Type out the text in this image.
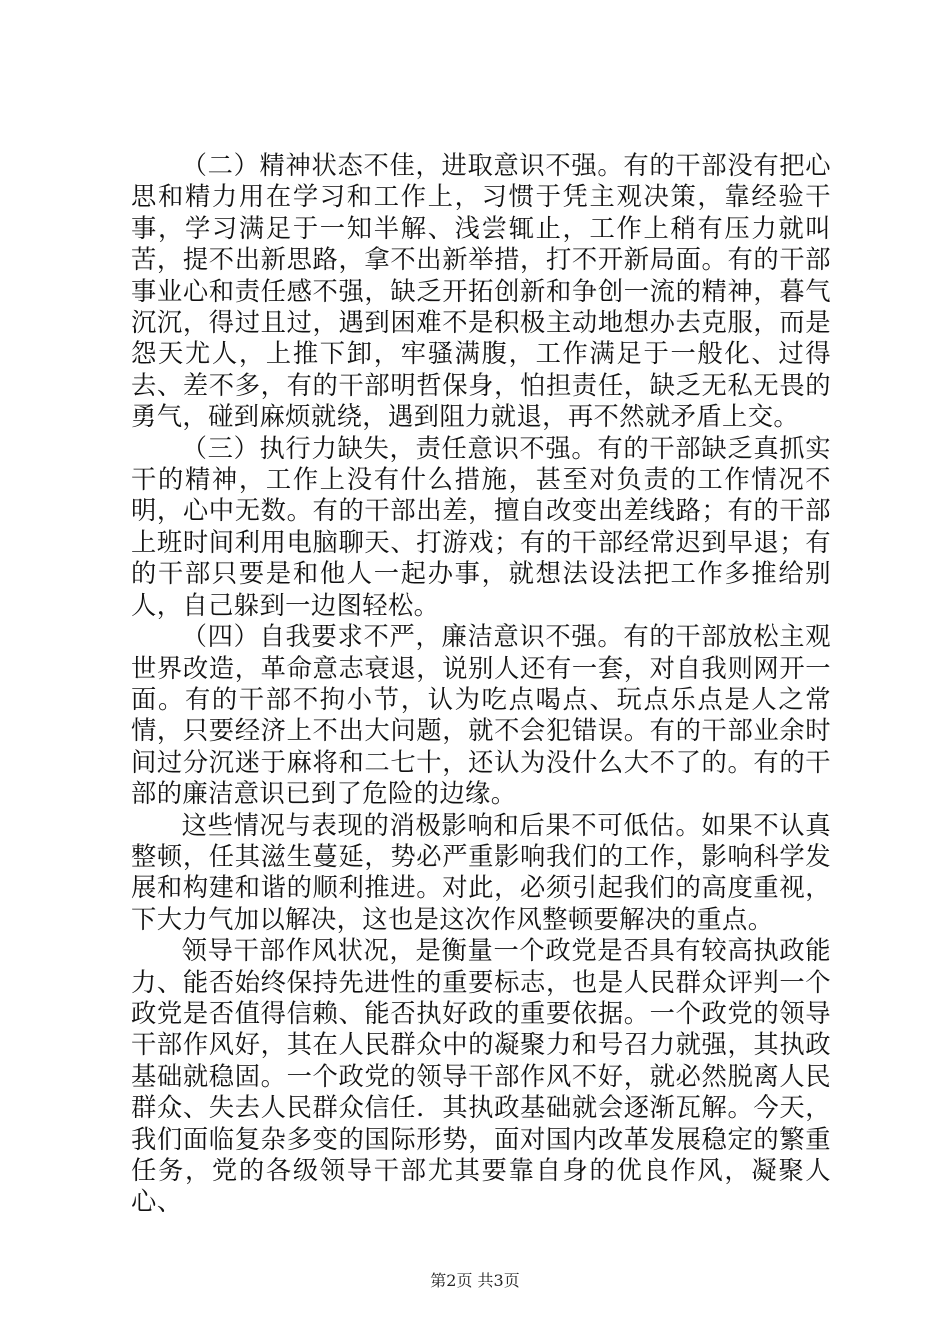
（二）精神状态不佳，进取意识不强。有的干部没有把心思和精力用在学习和工作上，习惯于凭主观决策，靠经验干事，学习满足于一知半解、浅尝辄止，工作上稍有压力就叫苦，提不出新思路，拿不出新举措，打不开新局面。有的干部事业心和责任感不强，缺乏开拓创新和争创一流的精神，暮气沉沉，得过且过，遇到困难不是积极主动地想办去克服，而是怨天尤人，上推下卸，牢骚满腹，工作满足于一般化、过得去、差不多，有的干部明哲保身，怕担责任，缺乏无私无畏的勇气，碰到麻烦就绕，遇到阻力就退，再不然就矛盾上交。

（三）执行力缺失，责任意识不强。有的干部缺乏真抓实干的精神，工作上没有什么措施，甚至对负责的工作情况不明，心中无数。有的干部出差，擅自改变出差线路；有的干部上班时间利用电脑聊天、打游戏；有的干部经常迟到早退；有的干部只要是和他人一起办事，就想法设法把工作多推给别人，自己躲到一边图轻松。

（四）自我要求不严，廉洁意识不强。有的干部放松主观世界改造，革命意志衰退，说别人还有一套，对自我则网开一面。有的干部不拘小节，认为吃点喝点、玩点乐点是人之常情，只要经济上不出大问题，就不会犯错误。有的干部业余时间过分沉迷于麻将和二七十，还认为没什么大不了的。有的干部的廉洁意识已到了危险的边缘。

这些情况与表现的消极影响和后果不可低估。如果不认真整顿，任其滋生蔓延，势必严重影响我们的工作，影响科学发展和构建和谐的顺利推进。对此，必须引起我们的高度重视，下大力气加以解决，这也是这次作风整顿要解决的重点。

领导干部作风状况，是衡量一个政党是否具有较高执政能力、能否始终保持先进性的重要标志，也是人民群众评判一个政党是否值得信赖、能否执好政的重要依据。一个政党的领导干部作风好，其在人民群众中的凝聚力和号召力就强，其执政基础就稳固。一个政党的领导干部作风不好，就必然脱离人民群众、失去人民群众信任．其执政基础就会逐渐瓦解。今天，我们面临复杂多变的国际形势，面对国内改革发展稳定的繁重任务，党的各级领导干部尤其要靠自身的优良作风，凝聚人心、

第2页 共3页
